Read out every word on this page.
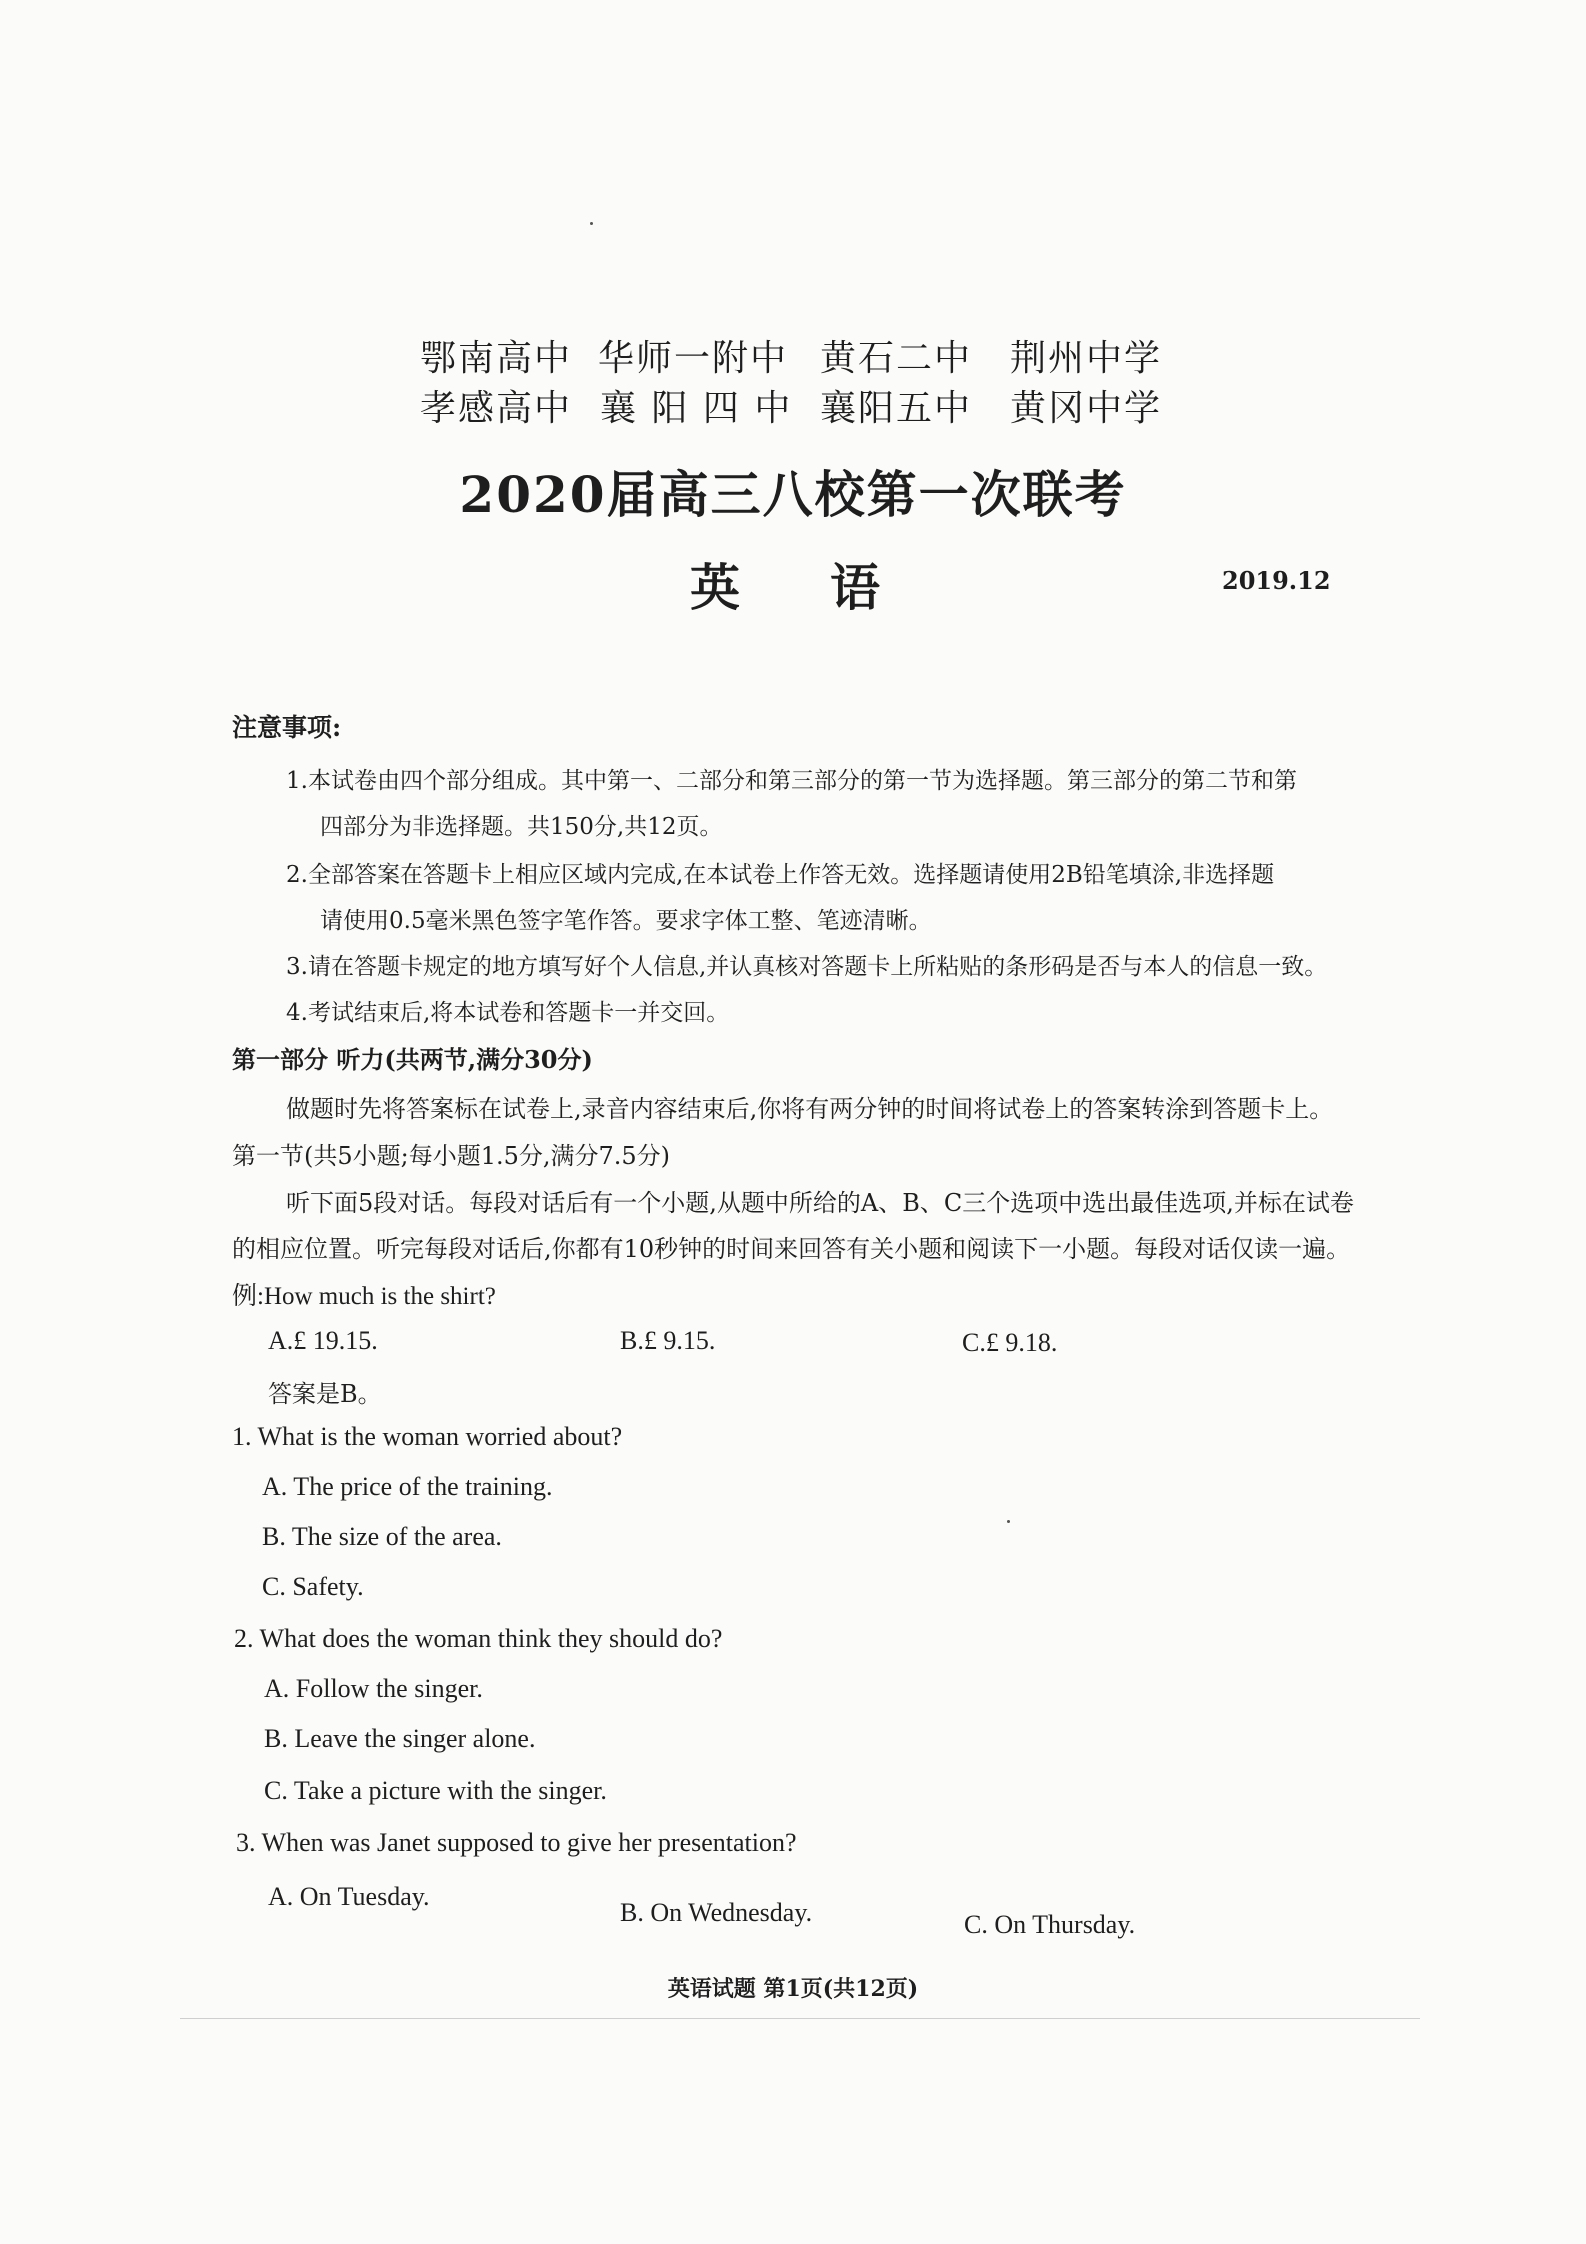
鄂南高中 华师一附中 黄石二中 荆州中学
孝感高中 襄 阳 四 中 襄阳五中 黄冈中学
2020届高三八校第一次联考
英语	2019.12
注意事项:
1.本试卷由四个部分组成。其中第一、二部分和第三部分的第一节为选择题。第三部分的第二节和第
四部分为非选择题。共150分,共12页。
2.全部答案在答题卡上相应区域内完成,在本试卷上作答无效。选择题请使用2B铅笔填涂,非选择题
请使用0.5毫米黑色签字笔作答。要求字体工整、笔迹清晰。
3.请在答题卡规定的地方填写好个人信息,并认真核对答题卡上所粘贴的条形码是否与本人的信息一致。
4.考试结束后,将本试卷和答题卡一并交回。
第一部分 听力(共两节,满分30分)
做题时先将答案标在试卷上,录音内容结束后,你将有两分钟的时间将试卷上的答案转涂到答题卡上。
第一节(共5小题;每小题1.5分,满分7.5分)
听下面5段对话。每段对话后有一个小题,从题中所给的A、B、C三个选项中选出最佳选项,并标在试卷
的相应位置。听完每段对话后,你都有10秒钟的时间来回答有关小题和阅读下一小题。每段对话仅读一遍。
例:How much is the shirt?
A.£ 19.15.	B.£ 9.15.	C.£ 9.18.
答案是B。
1. What is the woman worried about?
A. The price of the training.
B. The size of the area.
C. Safety.
2. What does the woman think they should do?
A. Follow the singer.
B. Leave the singer alone.
C. Take a picture with the singer.
3. When was Janet supposed to give her presentation?
A. On Tuesday.
B. On Wednesday.	C. On Thursday.
英语试题 第1页(共12页)
